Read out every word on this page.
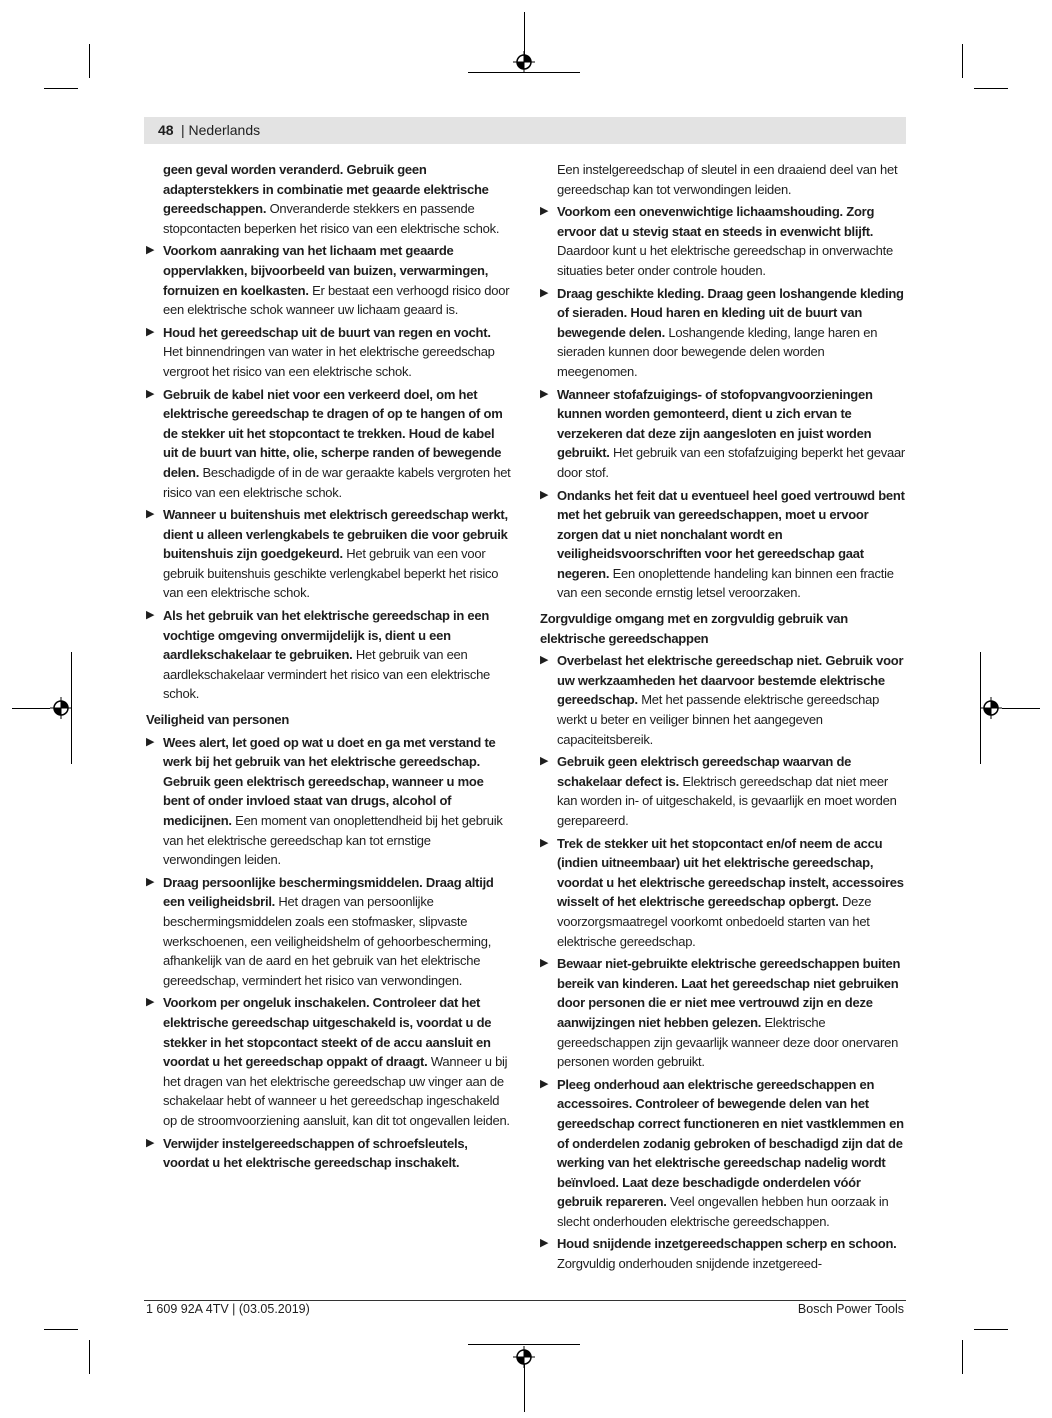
48 | Nederlands
geen geval worden veranderd. Gebruik geen adapterstekkers in combinatie met geaarde elektrische gereedschappen. Onveranderde stekkers en passende stopcontacten beperken het risico van een elektrische schok.
▶ Voorkom aanraking van het lichaam met geaarde oppervlakken, bijvoorbeeld van buizen, verwarmingen, fornuizen en koelkasten. Er bestaat een verhoogd risico door een elektrische schok wanneer uw lichaam geaard is.
▶ Houd het gereedschap uit de buurt van regen en vocht. Het binnendringen van water in het elektrische gereedschap vergroot het risico van een elektrische schok.
▶ Gebruik de kabel niet voor een verkeerd doel, om het elektrische gereedschap te dragen of op te hangen of om de stekker uit het stopcontact te trekken. Houd de kabel uit de buurt van hitte, olie, scherpe randen of bewegende delen. Beschadigde of in de war geraakte kabels vergroten het risico van een elektrische schok.
▶ Wanneer u buitenshuis met elektrisch gereedschap werkt, dient u alleen verlengkabels te gebruiken die voor gebruik buitenshuis zijn goedgekeurd. Het gebruik van een voor gebruik buitenshuis geschikte verlengkabel beperkt het risico van een elektrische schok.
▶ Als het gebruik van het elektrische gereedschap in een vochtige omgeving onvermijdelijk is, dient u een aardlekschakelaar te gebruiken. Het gebruik van een aardlekschakelaar vermindert het risico van een elektrische schok.
Veiligheid van personen
▶ Wees alert, let goed op wat u doet en ga met verstand te werk bij het gebruik van het elektrische gereedschap. Gebruik geen elektrisch gereedschap, wanneer u moe bent of onder invloed staat van drugs, alcohol of medicijnen. Een moment van onoplettendheid bij het gebruik van het elektrische gereedschap kan tot ernstige verwondingen leiden.
▶ Draag persoonlijke beschermingsmiddelen. Draag altijd een veiligheidsbril. Het dragen van persoonlijke beschermingsmiddelen zoals een stofmasker, slipvaste werkschoenen, een veiligheidshelm of gehoorbescherming, afhankelijk van de aard en het gebruik van het elektrische gereedschap, vermindert het risico van verwondingen.
▶ Voorkom per ongeluk inschakelen. Controleer dat het elektrische gereedschap uitgeschakeld is, voordat u de stekker in het stopcontact steekt of de accu aansluit en voordat u het gereedschap oppakt of draagt. Wanneer u bij het dragen van het elektrische gereedschap uw vinger aan de schakelaar hebt of wanneer u het gereedschap ingeschakeld op de stroomvoorziening aansluit, kan dit tot ongevallen leiden.
▶ Verwijder instelgereedschappen of schroefsleutels, voordat u het elektrische gereedschap inschakelt.
Een instelgereedschap of sleutel in een draaiend deel van het gereedschap kan tot verwondingen leiden.
▶ Voorkom een onevenwichtige lichaamshouding. Zorg ervoor dat u stevig staat en steeds in evenwicht blijft. Daardoor kunt u het elektrische gereedschap in onverwachte situaties beter onder controle houden.
▶ Draag geschikte kleding. Draag geen loshangende kleding of sieraden. Houd haren en kleding uit de buurt van bewegende delen. Loshangende kleding, lange haren en sieraden kunnen door bewegende delen worden meegenomen.
▶ Wanneer stofafzuigings- of stofopvangvoorzieningen kunnen worden gemonteerd, dient u zich ervan te verzekeren dat deze zijn aangesloten en juist worden gebruikt. Het gebruik van een stofafzuiging beperkt het gevaar door stof.
▶ Ondanks het feit dat u eventueel heel goed vertrouwd bent met het gebruik van gereedschappen, moet u ervoor zorgen dat u niet nonchalant wordt en veiligheidsvoorschriften voor het gereedschap gaat negeren. Een onoplettende handeling kan binnen een fractie van een seconde ernstig letsel veroorzaken.
Zorgvuldige omgang met en zorgvuldig gebruik van elektrische gereedschappen
▶ Overbelast het elektrische gereedschap niet. Gebruik voor uw werkzaamheden het daarvoor bestemde elektrische gereedschap. Met het passende elektrische gereedschap werkt u beter en veiliger binnen het aangegeven capaciteitsbereik.
▶ Gebruik geen elektrisch gereedschap waarvan de schakelaar defect is. Elektrisch gereedschap dat niet meer kan worden in- of uitgeschakeld, is gevaarlijk en moet worden gerepareerd.
▶ Trek de stekker uit het stopcontact en/of neem de accu (indien uitneembaar) uit het elektrische gereedschap, voordat u het elektrische gereedschap instelt, accessoires wisselt of het elektrische gereedschap opbergt. Deze voorzorgsmaatregel voorkomt onbedoeld starten van het elektrische gereedschap.
▶ Bewaar niet-gebruikte elektrische gereedschappen buiten bereik van kinderen. Laat het gereedschap niet gebruiken door personen die er niet mee vertrouwd zijn en deze aanwijzingen niet hebben gelezen. Elektrische gereedschappen zijn gevaarlijk wanneer deze door onervaren personen worden gebruikt.
▶ Pleeg onderhoud aan elektrische gereedschappen en accessoires. Controleer of bewegende delen van het gereedschap correct functioneren en niet vastklemmen en of onderdelen zodanig gebroken of beschadigd zijn dat de werking van het elektrische gereedschap nadelig wordt beïnvloed. Laat deze beschadigde onderdelen vóór gebruik repareren. Veel ongevallen hebben hun oorzaak in slecht onderhouden elektrische gereedschappen.
▶ Houd snijdende inzetgereedschappen scherp en schoon. Zorgvuldig onderhouden snijdende inzetgereed-
1 609 92A 4TV | (03.05.2019)	Bosch Power Tools
